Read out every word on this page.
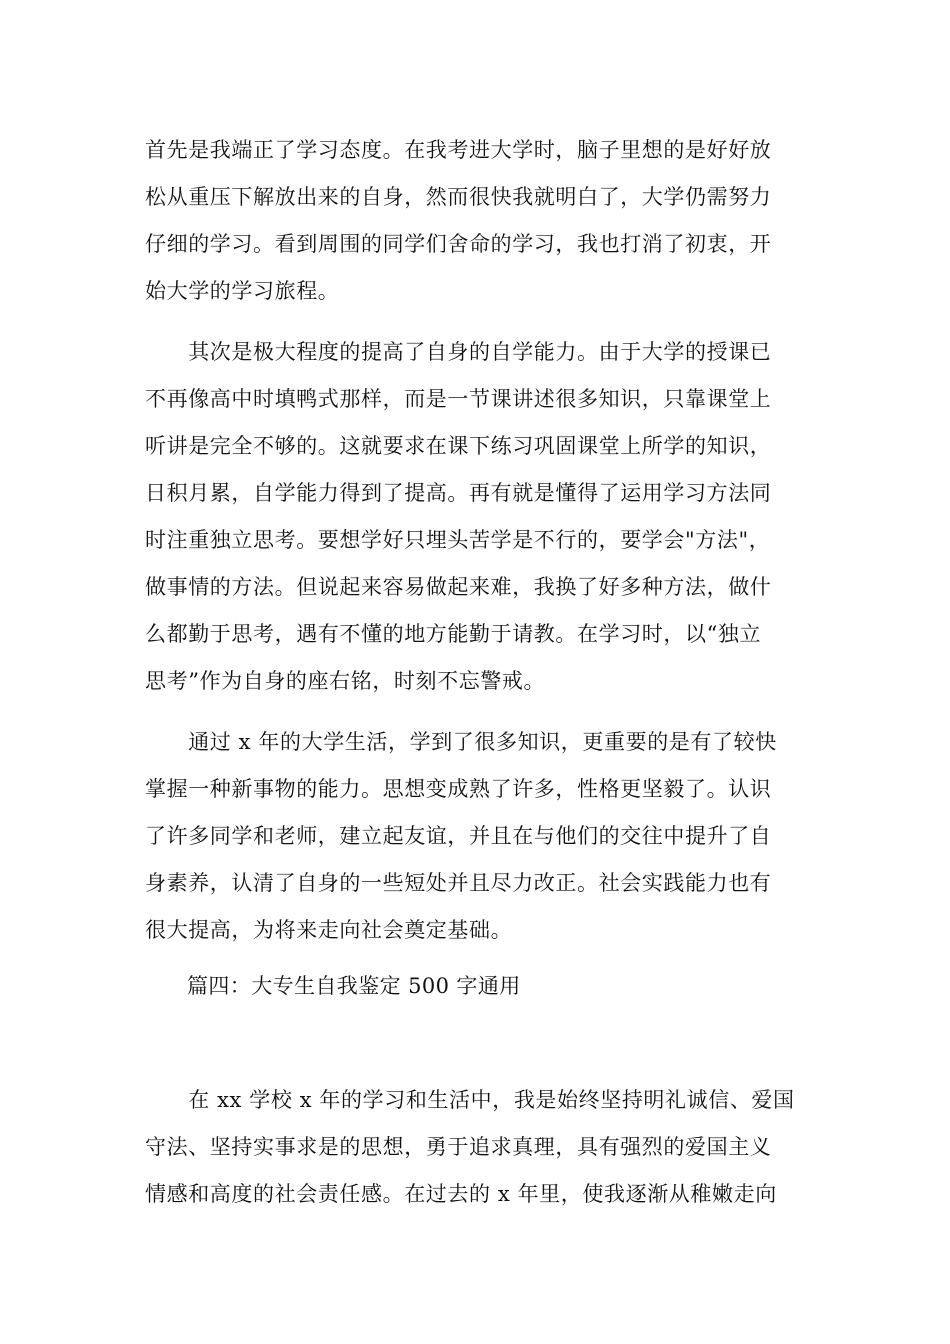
首先是我端正了学习态度。在我考进大学时，脑子里想的是好好放
松从重压下解放出来的自身，然而很快我就明白了，大学仍需努力
仔细的学习。看到周围的同学们舍命的学习，我也打消了初衷，开
始大学的学习旅程。
　　其次是极大程度的提高了自身的自学能力。由于大学的授课已
不再像高中时填鸭式那样，而是一节课讲述很多知识，只靠课堂上
听讲是完全不够的。这就要求在课下练习巩固课堂上所学的知识，
日积月累，自学能力得到了提高。再有就是懂得了运用学习方法同
时注重独立思考。要想学好只埋头苦学是不行的，要学会"方法"，
做事情的方法。但说起来容易做起来难，我换了好多种方法，做什
么都勤于思考，遇有不懂的地方能勤于请教。在学习时，以“独立
思考”作为自身的座右铭，时刻不忘警戒。
　　通过 x 年的大学生活，学到了很多知识，更重要的是有了较快
掌握一种新事物的能力。思想变成熟了许多，性格更坚毅了。认识
了许多同学和老师，建立起友谊，并且在与他们的交往中提升了自
身素养，认清了自身的一些短处并且尽力改正。社会实践能力也有
很大提高，为将来走向社会奠定基础。
篇四：大专生自我鉴定 500 字通用
　　在 xx 学校 x 年的学习和生活中，我是始终坚持明礼诚信、爱国
守法、坚持实事求是的思想，勇于追求真理，具有强烈的爱国主义
情感和高度的社会责任感。在过去的 x 年里，使我逐渐从稚嫩走向
